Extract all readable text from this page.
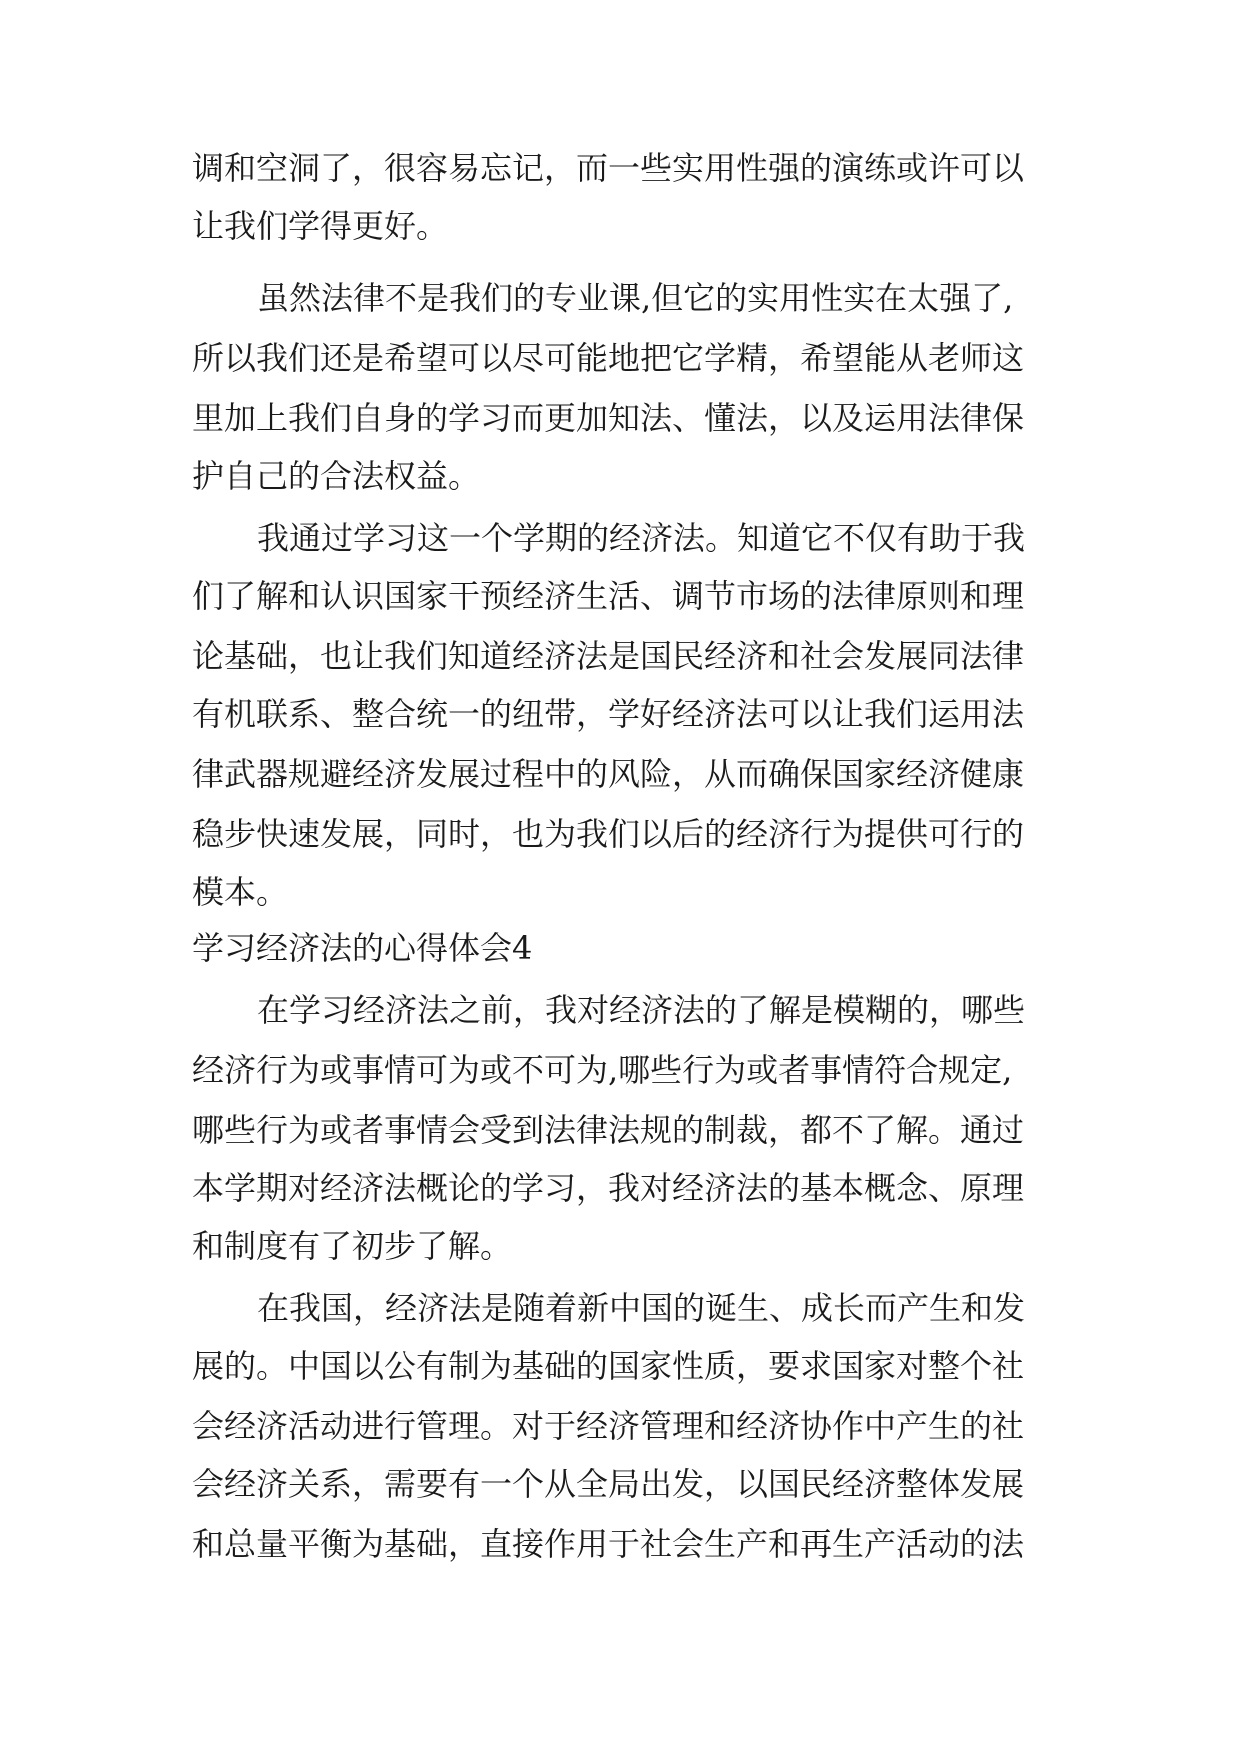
调和空洞了，很容易忘记，而一些实用性强的演练或许可以

让我们学得更好。

虽然法律不是我们的专业课,但它的实用性实在太强了,

所以我们还是希望可以尽可能地把它学精，希望能从老师这

里加上我们自身的学习而更加知法、懂法，以及运用法律保

护自己的合法权益。

我通过学习这一个学期的经济法。知道它不仅有助于我

们了解和认识国家干预经济生活、调节市场的法律原则和理

论基础，也让我们知道经济法是国民经济和社会发展同法律

有机联系、整合统一的纽带，学好经济法可以让我们运用法

律武器规避经济发展过程中的风险，从而确保国家经济健康

稳步快速发展，同时，也为我们以后的经济行为提供可行的

模本。

学习经济法的心得体会4

在学习经济法之前，我对经济法的了解是模糊的，哪些

经济行为或事情可为或不可为,哪些行为或者事情符合规定,

哪些行为或者事情会受到法律法规的制裁，都不了解。通过

本学期对经济法概论的学习，我对经济法的基本概念、原理

和制度有了初步了解。

在我国，经济法是随着新中国的诞生、成长而产生和发

展的。中国以公有制为基础的国家性质，要求国家对整个社

会经济活动进行管理。对于经济管理和经济协作中产生的社

会经济关系，需要有一个从全局出发，以国民经济整体发展

和总量平衡为基础，直接作用于社会生产和再生产活动的法
